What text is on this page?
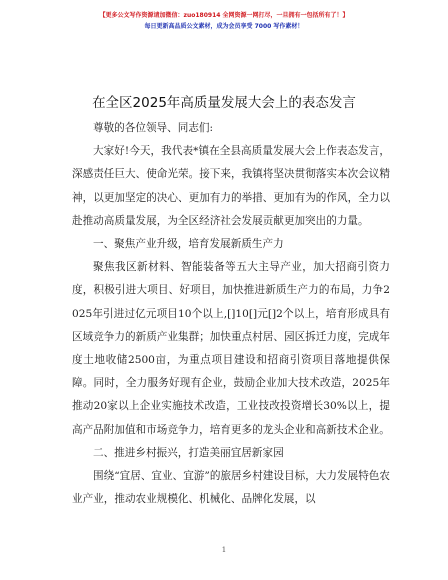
【更多公文写作资源请加微信：zuo180914 全网资源一网打尽，一旦拥有一包括所有了！】
每日更新高品质公文素材，成为会员享受 7000 写作素材！
在全区2025年高质量发展大会上的表态发言

尊敬的各位领导、同志们:

大家好!今天，我代表*镇在全县高质量发展大会上作表态发言，深感责任巨大、使命光荣。接下来，我镇将坚决贯彻落实本次会议精神，以更加坚定的决心、更加有力的举措、更加有为的作风，全力以赴推动高质量发展，为全区经济社会发展贡献更加突出的力量。

一、聚焦产业升级，培育发展新质生产力

聚焦我区新材料、智能装备等五大主导产业，加大招商引资力度，积极引进大项目、好项目，加快推进新质生产力的布局，力争2025年引进过亿元项目10个以上,[]10[]元[]2个以上，培育形成具有区域竞争力的新质产业集群；加快重点村居、园区拆迁力度，完成年度土地收储2500亩，为重点项目建设和招商引资项目落地提供保障。同时，全力服务好现有企业，鼓励企业加大技术改造，2025年推动20家以上企业实施技术改造，工业技改投资增长30%以上，提高产品附加值和市场竞争力，培育更多的龙头企业和高新技术企业。

二、推进乡村振兴，打造美丽宜居新家园

围绕“宜居、宜业、宜游”的旅居乡村建设目标，大力发展特色农业产业，推动农业规模化、机械化、品牌化发展，以

1
